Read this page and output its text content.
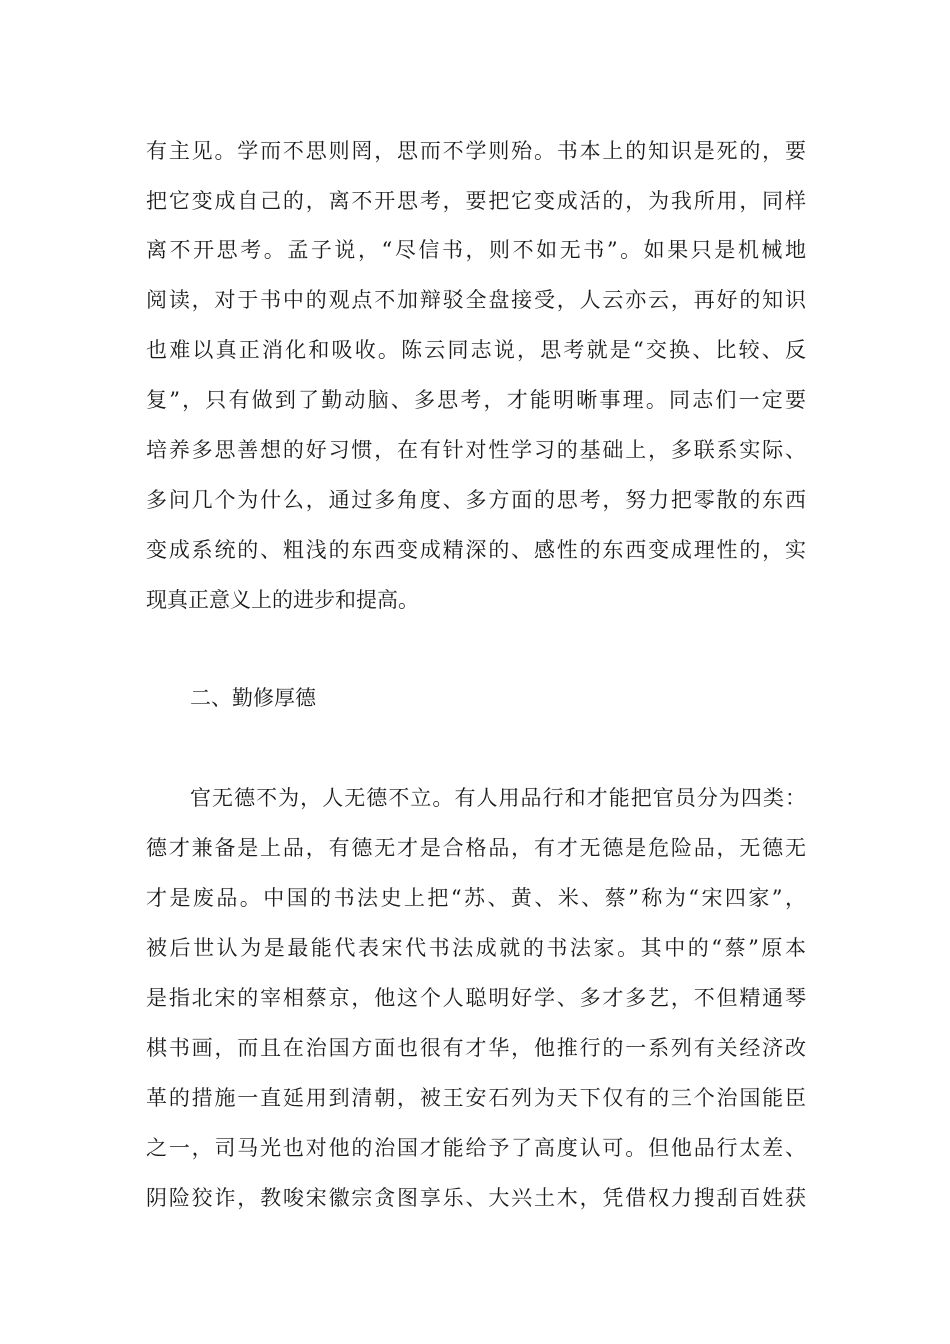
有主见。学而不思则罔，思而不学则殆。书本上的知识是死的，要
把它变成自己的，离不开思考，要把它变成活的，为我所用，同样
离不开思考。孟子说，“尽信书，则不如无书”。如果只是机械地
阅读，对于书中的观点不加辩驳全盘接受，人云亦云，再好的知识
也难以真正消化和吸收。陈云同志说，思考就是“交换、比较、反
复”，只有做到了勤动脑、多思考，才能明晰事理。同志们一定要
培养多思善想的好习惯，在有针对性学习的基础上，多联系实际、
多问几个为什么，通过多角度、多方面的思考，努力把零散的东西
变成系统的、粗浅的东西变成精深的、感性的东西变成理性的，实
现真正意义上的进步和提高。
二、勤修厚德
官无德不为，人无德不立。有人用品行和才能把官员分为四类：
德才兼备是上品，有德无才是合格品，有才无德是危险品，无德无
才是废品。中国的书法史上把“苏、黄、米、蔡”称为“宋四家”，
被后世认为是最能代表宋代书法成就的书法家。其中的“蔡”原本
是指北宋的宰相蔡京，他这个人聪明好学、多才多艺，不但精通琴
棋书画，而且在治国方面也很有才华，他推行的一系列有关经济改
革的措施一直延用到清朝，被王安石列为天下仅有的三个治国能臣
之一，司马光也对他的治国才能给予了高度认可。但他品行太差、
阴险狡诈，教唆宋徽宗贪图享乐、大兴土木，凭借权力搜刮百姓获
